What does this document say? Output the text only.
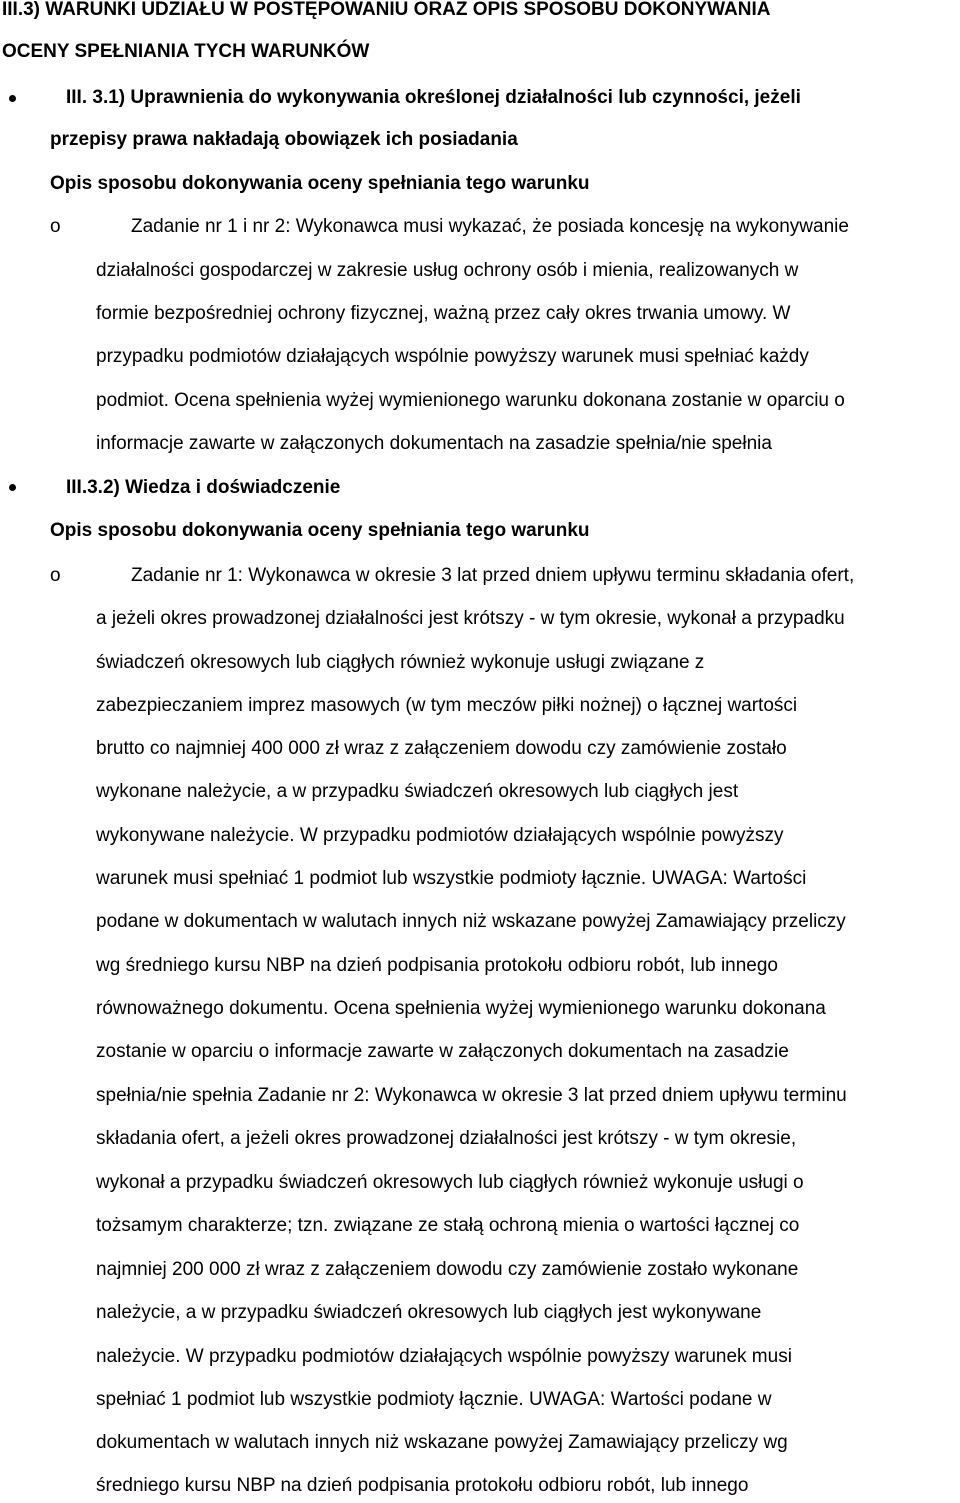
III.3) WARUNKI UDZIAŁU W POSTĘPOWANIU ORAZ OPIS SPOSOBU DOKONYWANIA
OCENY SPEŁNIANIA TYCH WARUNKÓW
III. 3.1) Uprawnienia do wykonywania określonej działalności lub czynności, jeżeli
przepisy prawa nakładają obowiązek ich posiadania
Opis sposobu dokonywania oceny spełniania tego warunku
o	Zadanie nr 1 i nr 2: Wykonawca musi wykazać, że posiada koncesję na wykonywanie
działalności gospodarczej w zakresie usług ochrony osób i mienia, realizowanych w
formie bezpośredniej ochrony fizycznej, ważną przez cały okres trwania umowy. W
przypadku podmiotów działających wspólnie powyższy warunek musi spełniać każdy
podmiot. Ocena spełnienia wyżej wymienionego warunku dokonana zostanie w oparciu o
informacje zawarte w załączonych dokumentach na zasadzie spełnia/nie spełnia
III.3.2) Wiedza i doświadczenie
Opis sposobu dokonywania oceny spełniania tego warunku
o	Zadanie nr 1: Wykonawca w okresie 3 lat przed dniem upływu terminu składania ofert,
a jeżeli okres prowadzonej działalności jest krótszy - w tym okresie, wykonał a przypadku
świadczeń okresowych lub ciągłych również wykonuje usługi związane z
zabezpieczaniem imprez masowych (w tym meczów piłki nożnej) o łącznej wartości
brutto co najmniej 400 000 zł wraz z załączeniem dowodu czy zamówienie zostało
wykonane należycie, a w przypadku świadczeń okresowych lub ciągłych jest
wykonywane należycie. W przypadku podmiotów działających wspólnie powyższy
warunek musi spełniać 1 podmiot lub wszystkie podmioty łącznie. UWAGA: Wartości
podane w dokumentach w walutach innych niż wskazane powyżej Zamawiający przeliczy
wg średniego kursu NBP na dzień podpisania protokołu odbioru robót, lub innego
równoważnego dokumentu. Ocena spełnienia wyżej wymienionego warunku dokonana
zostanie w oparciu o informacje zawarte w załączonych dokumentach na zasadzie
spełnia/nie spełnia Zadanie nr 2: Wykonawca w okresie 3 lat przed dniem upływu terminu
składania ofert, a jeżeli okres prowadzonej działalności jest krótszy - w tym okresie,
wykonał a przypadku świadczeń okresowych lub ciągłych również wykonuje usługi o
tożsamym charakterze; tzn. związane ze stałą ochroną mienia o wartości łącznej co
najmniej 200 000 zł wraz z załączeniem dowodu czy zamówienie zostało wykonane
należycie, a w przypadku świadczeń okresowych lub ciągłych jest wykonywane
należycie. W przypadku podmiotów działających wspólnie powyższy warunek musi
spełniać 1 podmiot lub wszystkie podmioty łącznie. UWAGA: Wartości podane w
dokumentach w walutach innych niż wskazane powyżej Zamawiający przeliczy wg
średniego kursu NBP na dzień podpisania protokołu odbioru robót, lub innego
